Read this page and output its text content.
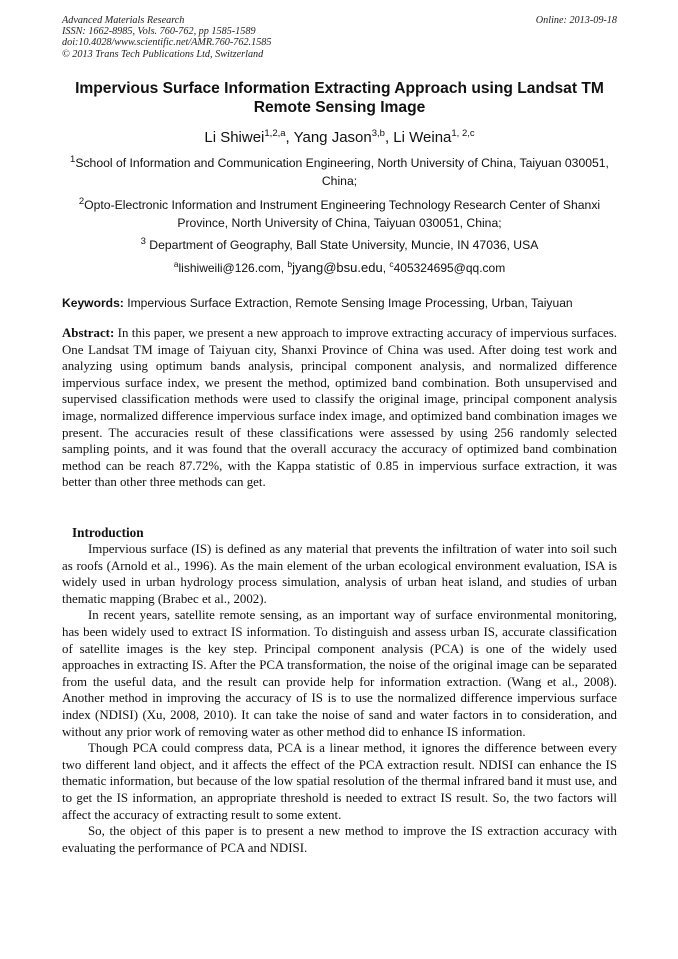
Advanced Materials Research
ISSN: 1662-8985, Vols. 760-762, pp 1585-1589
doi:10.4028/www.scientific.net/AMR.760-762.1585
© 2013 Trans Tech Publications Ltd, Switzerland
Online: 2013-09-18
Impervious Surface Information Extracting Approach using Landsat TM Remote Sensing Image
Li Shiwei$^{1,2,a}$, Yang Jason$^{3,b}$, Li Weina$^{1, 2,c}$
$^1$School of Information and Communication Engineering, North University of China, Taiyuan 030051, China;
$^2$Opto-Electronic Information and Instrument Engineering Technology Research Center of Shanxi Province, North University of China, Taiyuan 030051, China;
$^3$ Department of Geography, Ball State University, Muncie, IN 47036, USA
$^a$lishiweili@126.com, $^b$jyang@bsu.edu, $^c$405324695@qq.com
Keywords: Impervious Surface Extraction, Remote Sensing Image Processing, Urban, Taiyuan
Abstract: In this paper, we present a new approach to improve extracting accuracy of impervious surfaces. One Landsat TM image of Taiyuan city, Shanxi Province of China was used. After doing test work and analyzing using optimum bands analysis, principal component analysis, and normalized difference impervious surface index, we present the method, optimized band combination. Both unsupervised and supervised classification methods were used to classify the original image, principal component analysis image, normalized difference impervious surface index image, and optimized band combination images we present. The accuracies result of these classifications were assessed by using 256 randomly selected sampling points, and it was found that the overall accuracy the accuracy of optimized band combination method can be reach 87.72%, with the Kappa statistic of 0.85 in impervious surface extraction, it was better than other three methods can get.
Introduction

Impervious surface (IS) is defined as any material that prevents the infiltration of water into soil such as roofs (Arnold et al., 1996). As the main element of the urban ecological environment evaluation, ISA is widely used in urban hydrology process simulation, analysis of urban heat island, and studies of urban thematic mapping (Brabec et al., 2002).

In recent years, satellite remote sensing, as an important way of surface environmental monitoring, has been widely used to extract IS information. To distinguish and assess urban IS, accurate classification of satellite images is the key step. Principal component analysis (PCA) is one of the widely used approaches in extracting IS. After the PCA transformation, the noise of the original image can be separated from the useful data, and the result can provide help for information extraction. (Wang et al., 2008). Another method in improving the accuracy of IS is to use the normalized difference impervious surface index (NDISI) (Xu, 2008, 2010). It can take the noise of sand and water factors in to consideration, and without any prior work of removing water as other method did to enhance IS information.

Though PCA could compress data, PCA is a linear method, it ignores the difference between every two different land object, and it affects the effect of the PCA extraction result. NDISI can enhance the IS thematic information, but because of the low spatial resolution of the thermal infrared band it must use, and to get the IS information, an appropriate threshold is needed to extract IS result. So, the two factors will affect the accuracy of extracting result to some extent.

So, the object of this paper is to present a new method to improve the IS extraction accuracy with evaluating the performance of PCA and NDISI.
